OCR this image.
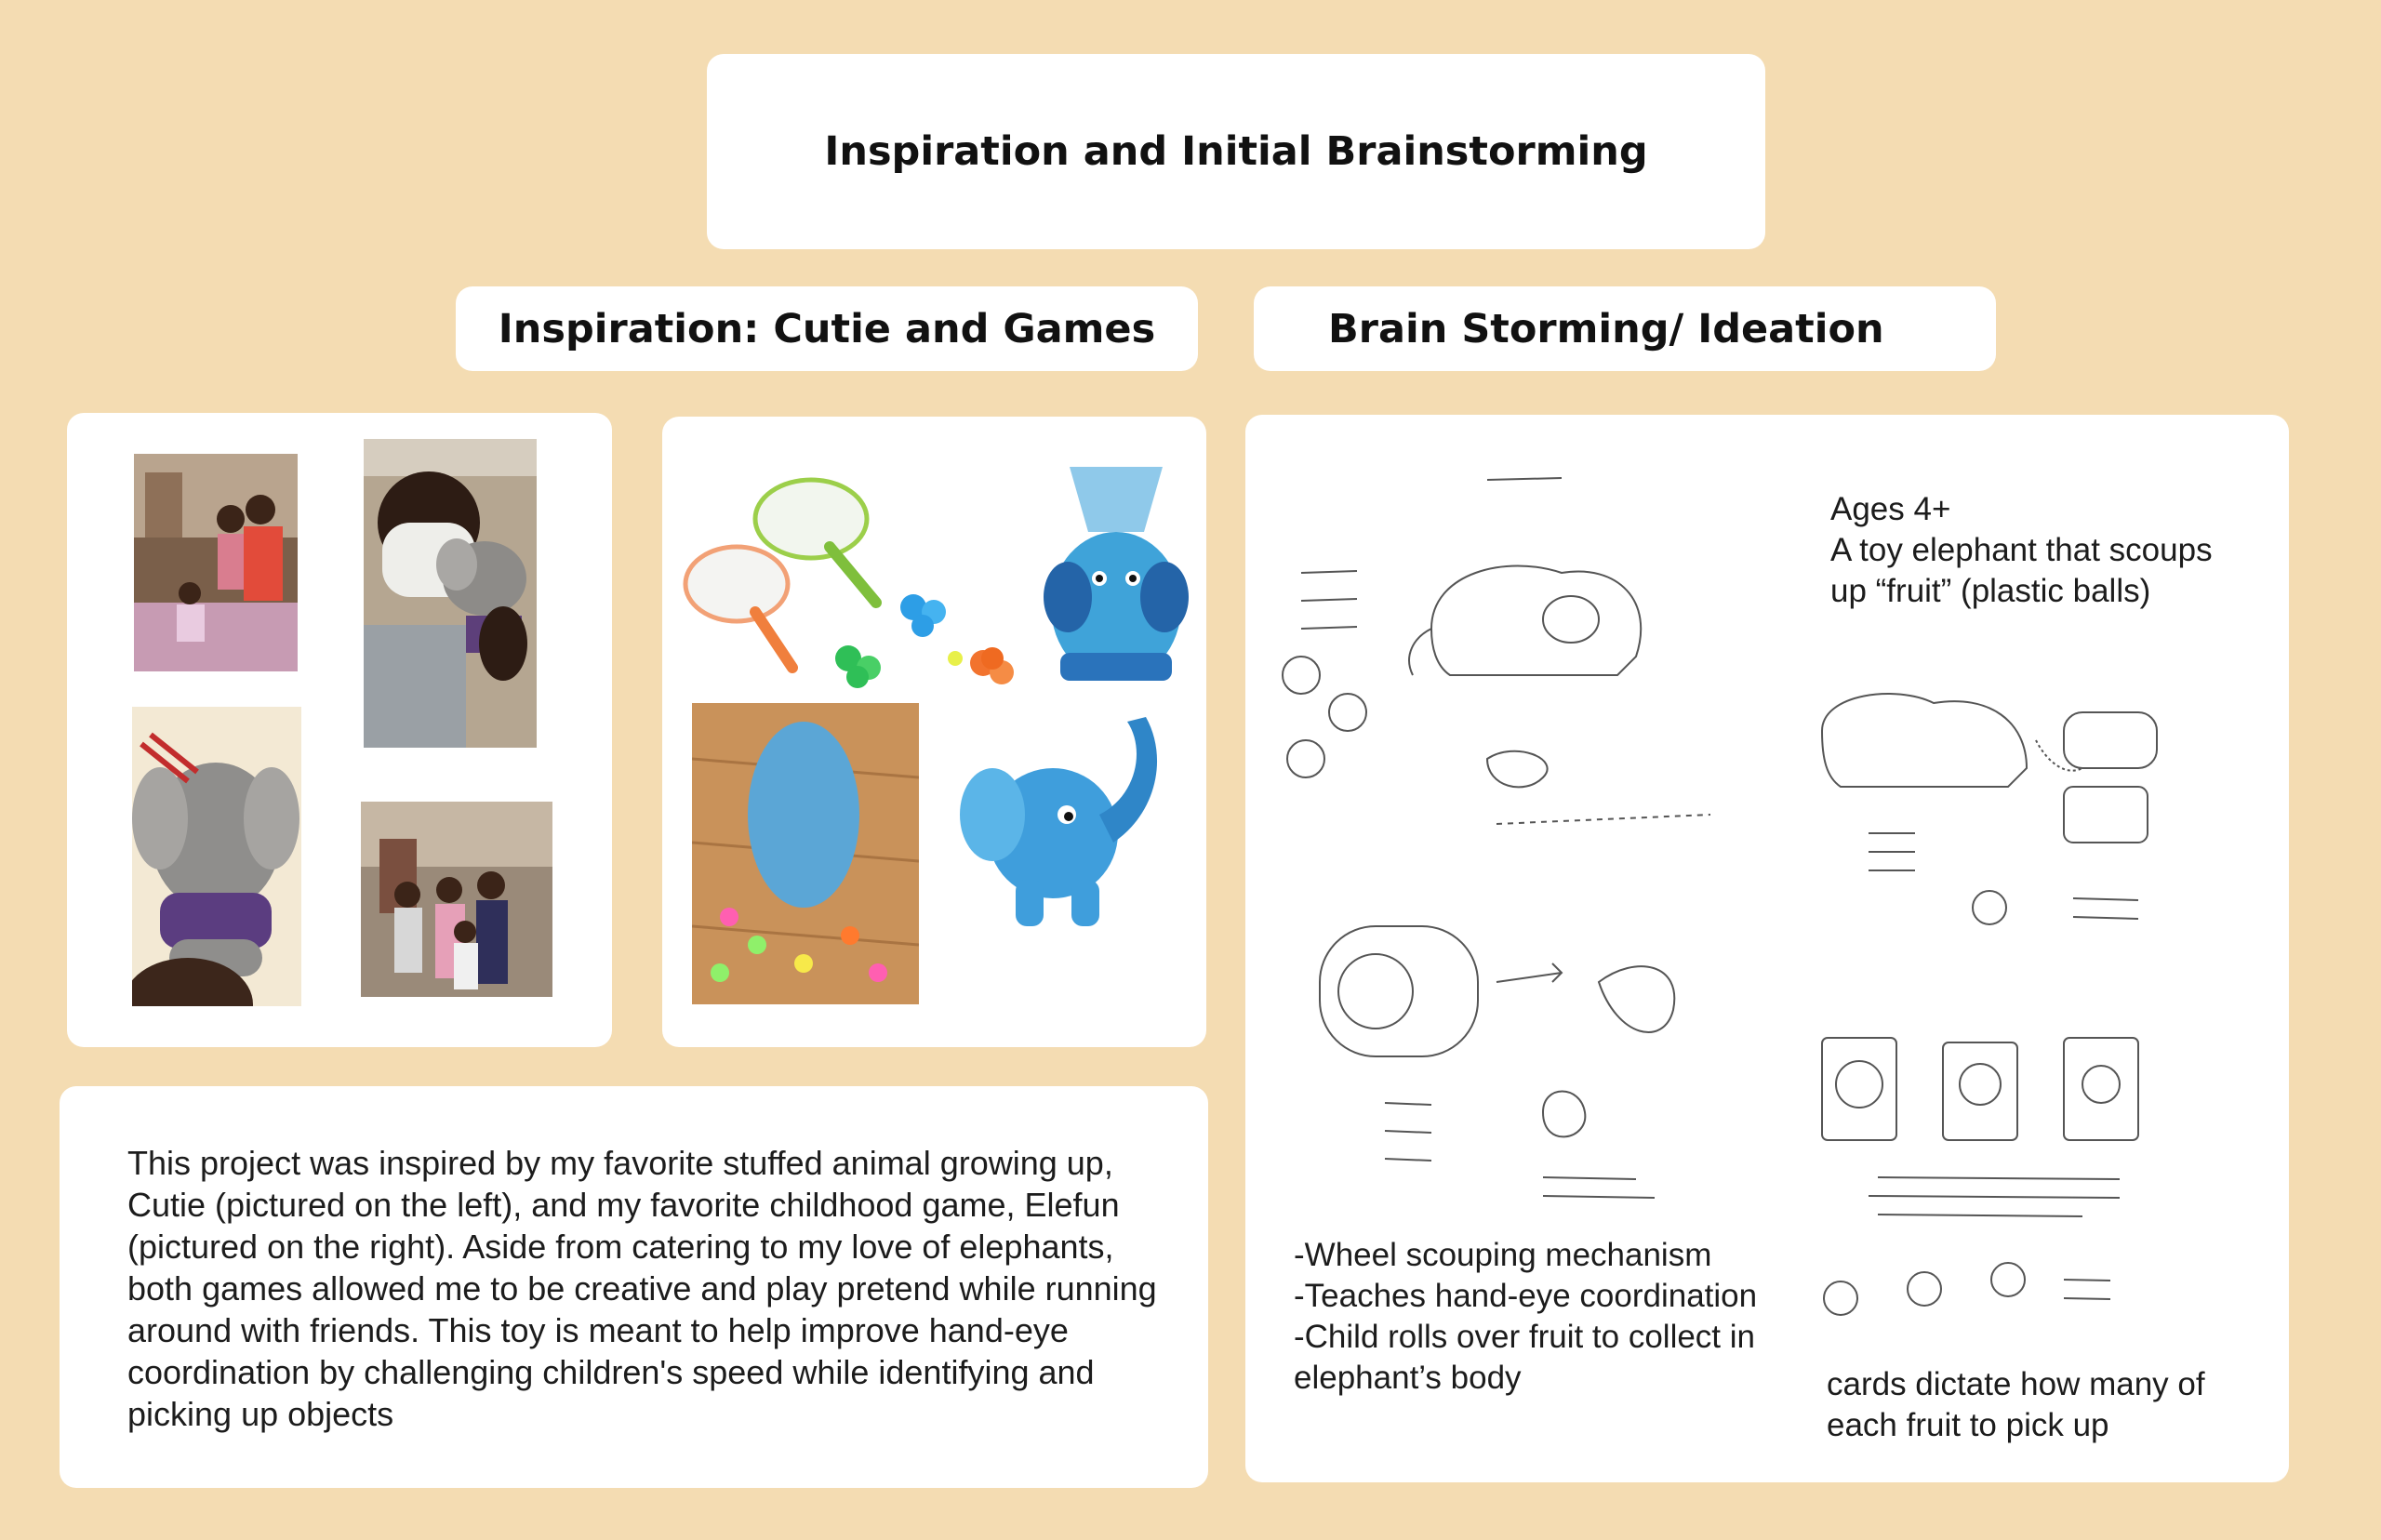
Inspiration and Initial Brainstorming
Inspiration: Cutie and Games	Brain Storming/ Ideation

This project was inspired by my favorite stuffed animal growing up, Cutie (pictured on the left), and my favorite childhood game, Elefun (pictured on the right). Aside from catering to my love of elephants, both games allowed me to be creative and play pretend while running around with friends. This toy is meant to help improve hand-eye coordination by challenging children's speed while identifying and picking up objects

Ages 4+
A toy elephant that scoups
up “fruit” (plastic balls)
-Wheel scouping mechanism
-Teaches hand-eye coordination
-Child rolls over fruit to collect in
elephant’s body	cards dictate how many of
each fruit to pick up
